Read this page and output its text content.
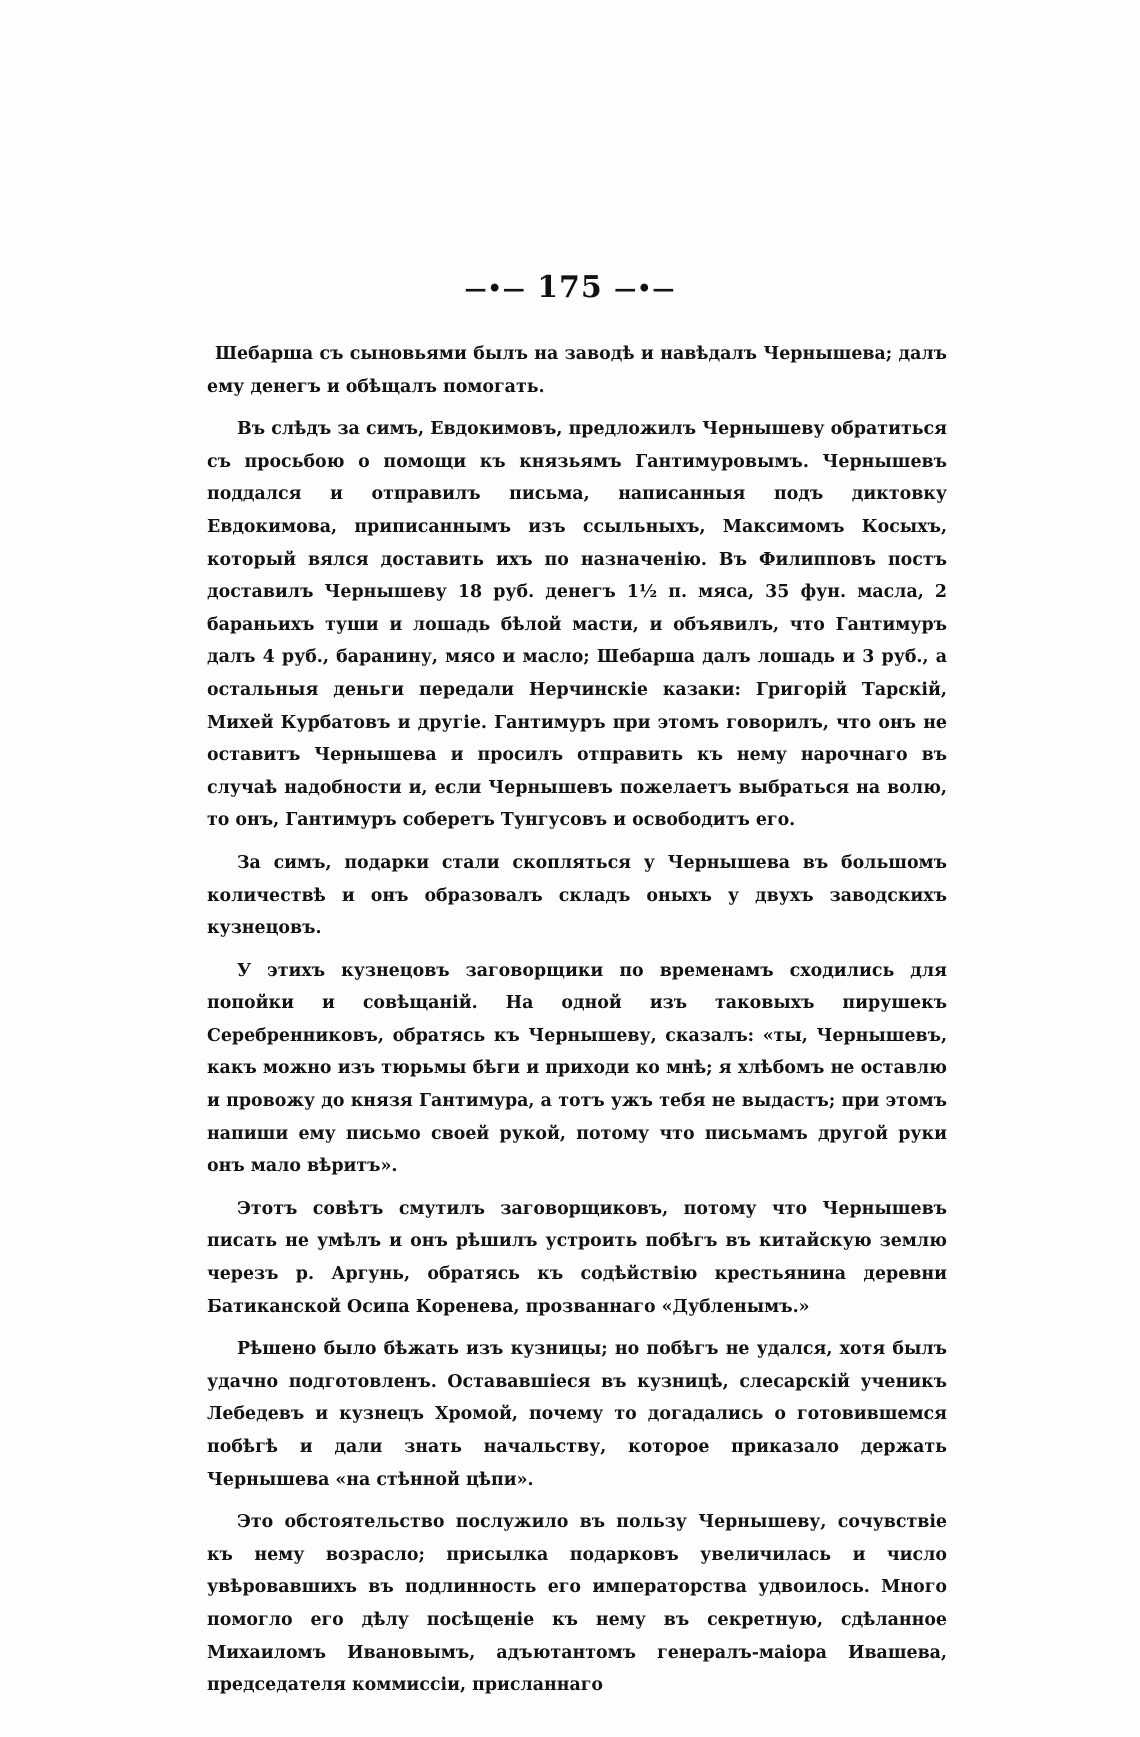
—•— 175 —•—

Шебарша съ сыновьями былъ на заводѣ и навѣдалъ Чернышева; далъ ему денегъ и обѣщалъ помогать.

Въ слѣдъ за симъ, Евдокимовъ, предложилъ Чернышеву обратиться съ просьбою о помощи къ князьямъ Гантимуровымъ. Чернышевъ поддался и отправилъ письма, написанныя подъ диктовку Евдокимова, приписаннымъ изъ ссыльныхъ, Максимомъ Косыхъ, который вялся доставить ихъ по назначенію. Въ Филипповъ постъ доставилъ Чернышеву 18 руб. денегъ 1½ п. мяса, 35 фун. масла, 2 бараньихъ туши и лошадь бѣлой масти, и объявилъ, что Гантимуръ далъ 4 руб., баранину, мясо и масло; Шебарша далъ лошадь и 3 руб., а остальныя деньги передали Нерчинскіе казаки: Григорій Тарскій, Михей Курбатовъ и другіе. Гантимуръ при этомъ говорилъ, что онъ не оставитъ Чернышева и просилъ отправить къ нему нарочнаго въ случаѣ надобности и, если Чернышевъ пожелаетъ выбраться на волю, то онъ, Гантимуръ соберетъ Тунгусовъ и освободитъ его.

За симъ, подарки стали скопляться у Чернышева въ большомъ количествѣ и онъ образовалъ складъ оныхъ у двухъ заводскихъ кузнецовъ.

У этихъ кузнецовъ заговорщики по временамъ сходились для попойки и совѣщаній. На одной изъ таковыхъ пирушекъ Серебренниковъ, обратясь къ Чернышеву, сказалъ: «ты, Чернышевъ, какъ можно изъ тюрьмы бѣги и приходи ко мнѣ; я хлѣбомъ не оставлю и провожу до князя Гантимура, а тотъ ужъ тебя не выдастъ; при этомъ напиши ему письмо своей рукой, потому что письмамъ другой руки онъ мало вѣритъ».

Этотъ совѣтъ смутилъ заговорщиковъ, потому что Чернышевъ писать не умѣлъ и онъ рѣшилъ устроить побѣгъ въ китайскую землю черезъ р. Аргунь, обратясь къ содѣйствію крестьянина деревни Батиканской Осипа Коренева, прозваннаго «Дубленымъ.»

Рѣшено было бѣжать изъ кузницы; но побѣгъ не удался, хотя былъ удачно подготовленъ. Остававшіеся въ кузницѣ, слесарскій ученикъ Лебедевъ и кузнецъ Хромой, почему то догадались о готовившемся побѣгѣ и дали знать начальству, которое приказало держать Чернышева «на стѣнной цѣпи».

Это обстоятельство послужило въ пользу Чернышеву, сочувствіе къ нему возрасло; присылка подарковъ увеличилась и число увѣровавшихъ въ подлинность его императорства удвоилось. Много помогло его дѣлу посѣщеніе къ нему въ секретную, сдѣланное Михаиломъ Ивановымъ, адъютантомъ генералъ-маіора Ивашева, председателя коммиссіи, присланнаго
